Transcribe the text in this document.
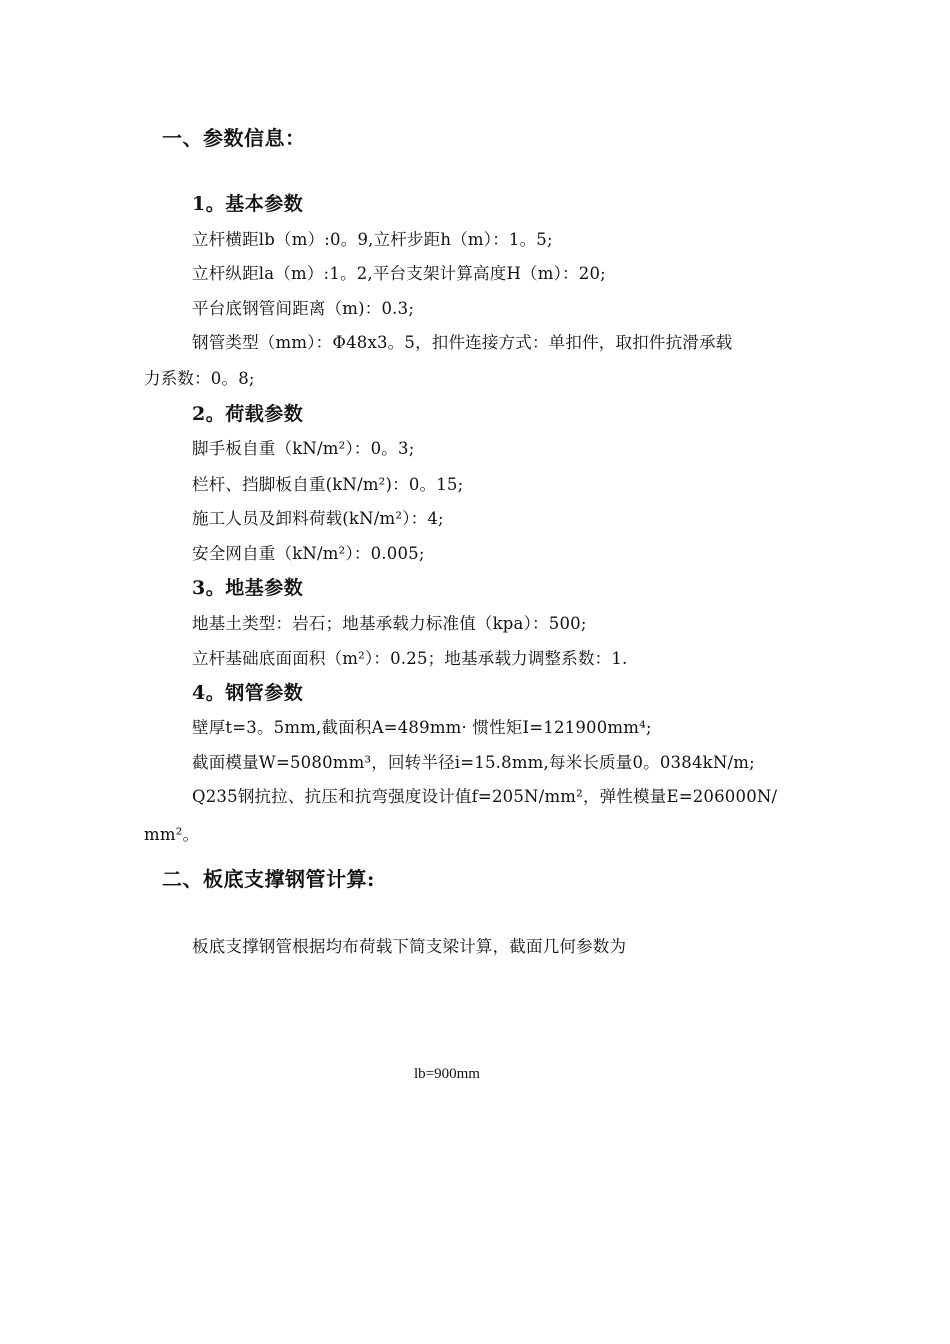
一、参数信息：
1。基本参数
立杆横距lb（m）:0。9,立杆步距h（m）：1。5;
立杆纵距la（m）:1。2,平台支架计算高度H（m）：20;
平台底钢管间距离（m)：0.3;
钢管类型（mm）：Φ48x3。5，扣件连接方式：单扣件，取扣件抗滑承载
力系数：0。8;
2。荷载参数
脚手板自重（kN/m²）：0。3;
栏杆、挡脚板自重(kN/m²)：0。15;
施工人员及卸料荷载(kN/m²）：4;
安全网自重（kN/m²）：0.005;
3。地基参数
地基土类型：岩石；地基承载力标准值（kpa）：500;
立杆基础底面面积（m²）：0.25；地基承载力调整系数：1.
4。钢管参数
壁厚t=3。5mm,截面积A=489mm· 惯性矩I=121900mm⁴;
截面模量W=5080mm³，回转半径i=15.8mm,每米长质量0。0384kN/m;
Q235钢抗拉、抗压和抗弯强度设计值f=205N/mm²，弹性模量E=206000N/
mm²。
二、板底支撑钢管计算:
板底支撑钢管根据均布荷载下简支梁计算，截面几何参数为
lb=900mm
